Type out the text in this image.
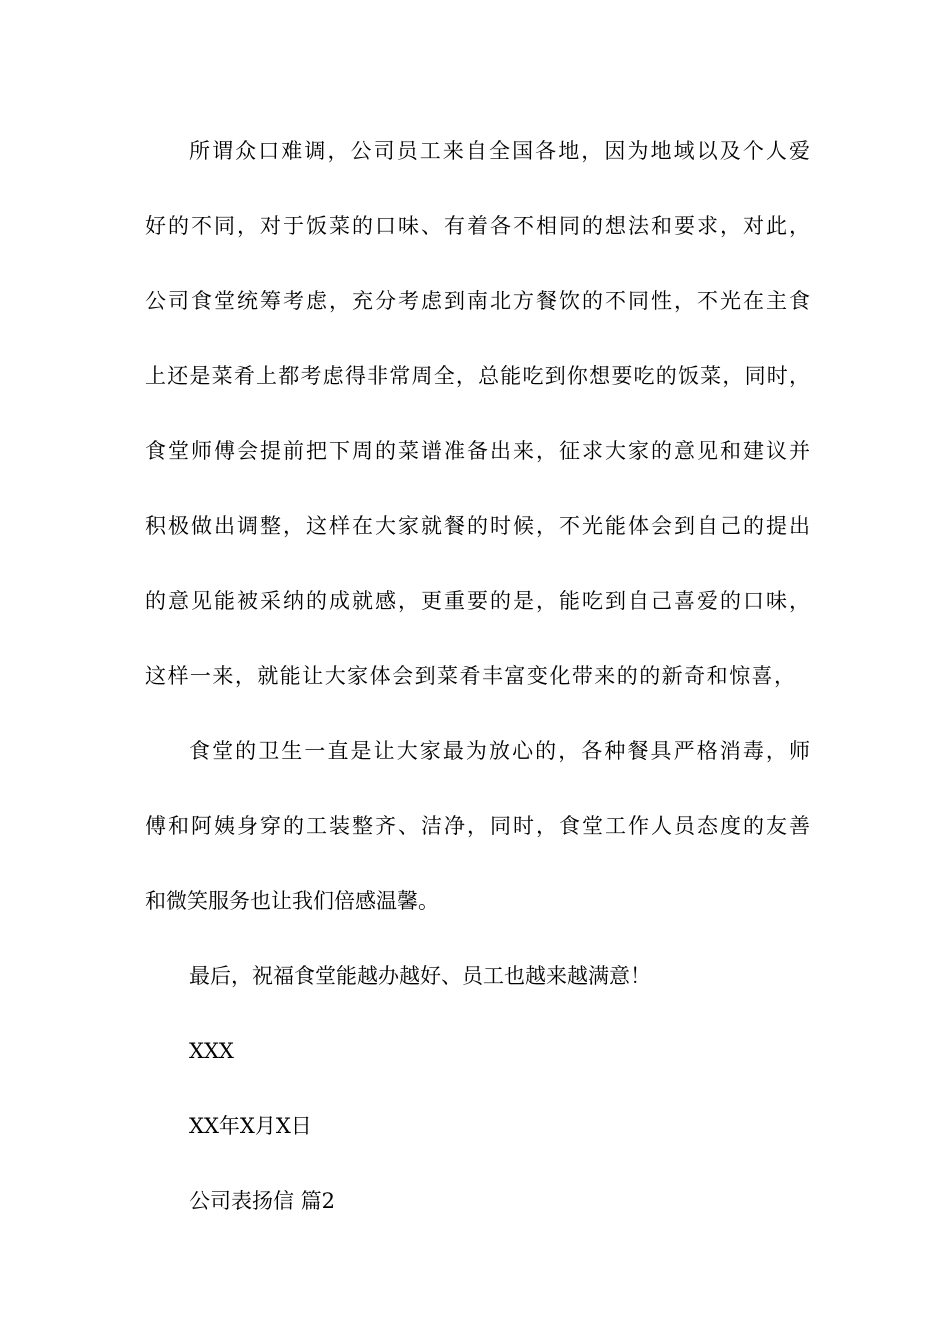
所谓众口难调，公司员工来自全国各地，因为地域以及个人爱
好的不同，对于饭菜的口味、有着各不相同的想法和要求，对此，
公司食堂统筹考虑，充分考虑到南北方餐饮的不同性，不光在主食
上还是菜肴上都考虑得非常周全，总能吃到你想要吃的饭菜，同时，
食堂师傅会提前把下周的菜谱准备出来，征求大家的意见和建议并
积极做出调整，这样在大家就餐的时候，不光能体会到自己的提出
的意见能被采纳的成就感，更重要的是，能吃到自己喜爱的口味，
这样一来，就能让大家体会到菜肴丰富变化带来的的新奇和惊喜，
食堂的卫生一直是让大家最为放心的，各种餐具严格消毒，师
傅和阿姨身穿的工装整齐、洁净，同时，食堂工作人员态度的友善
和微笑服务也让我们倍感温馨。
最后，祝福食堂能越办越好、员工也越来越满意！
XXX
XX年X月X日
公司表扬信 篇2
